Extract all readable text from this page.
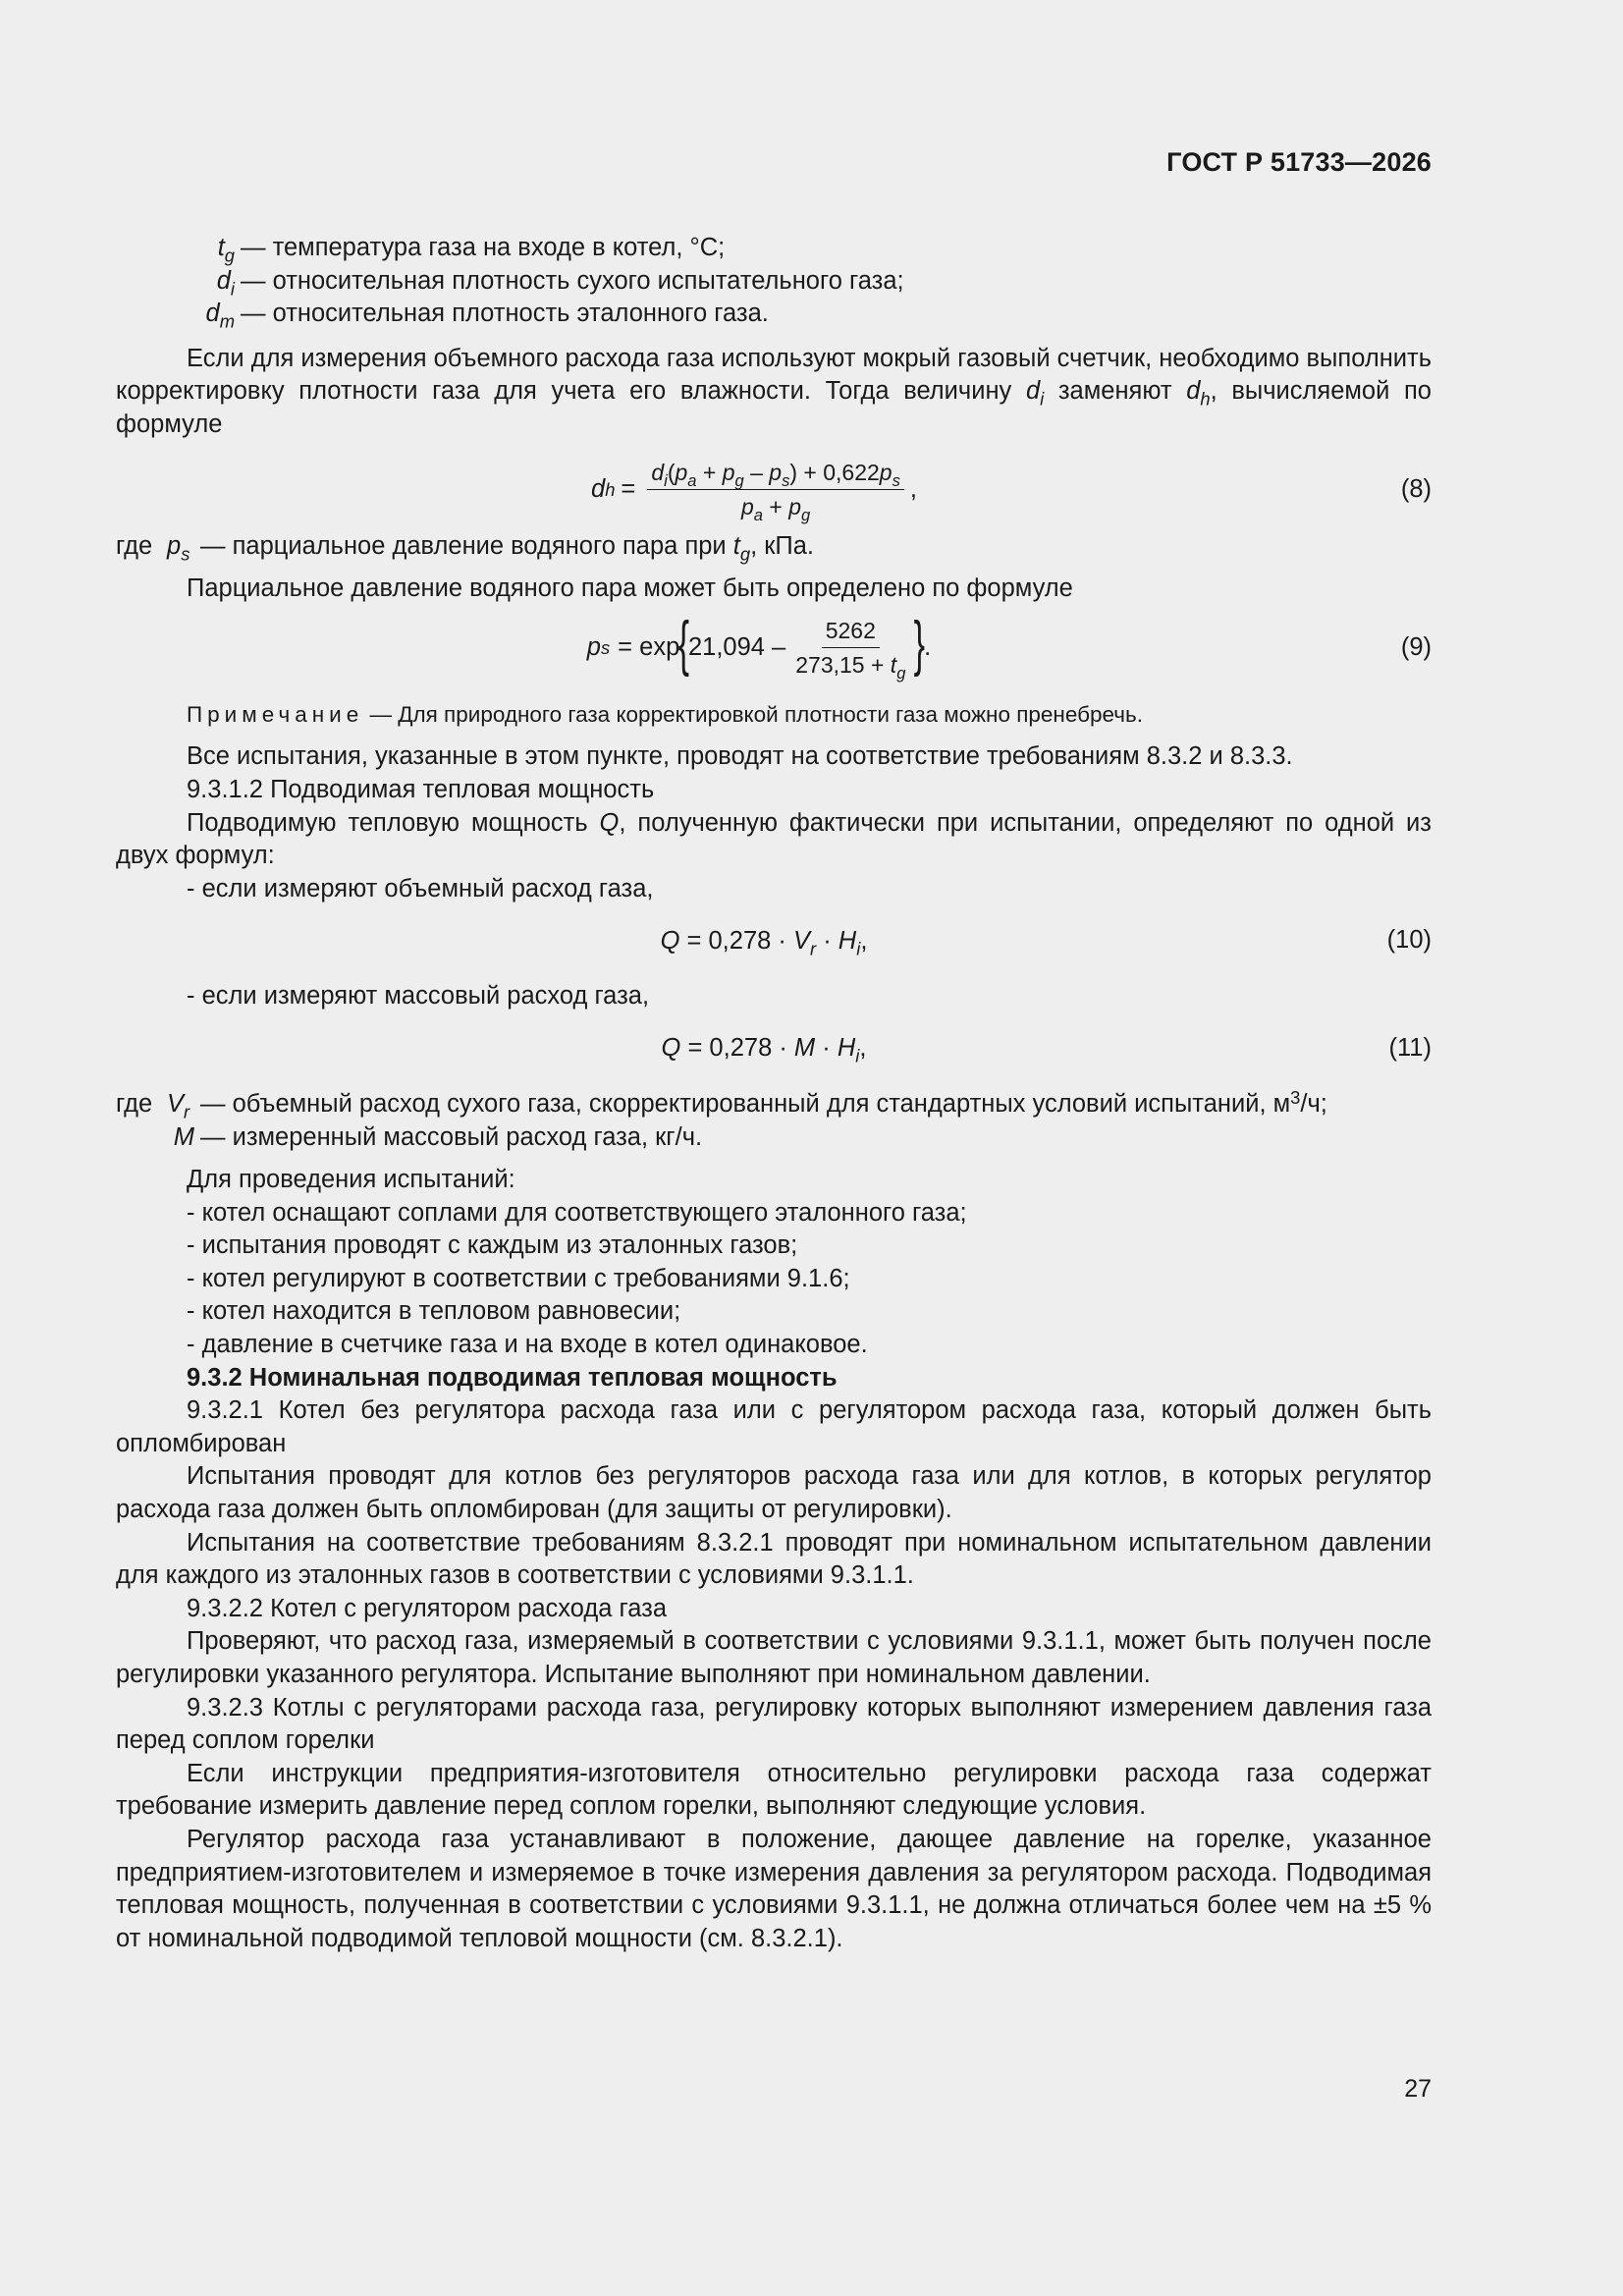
ГОСТ Р 51733—2026
$t_g$ — температура газа на входе в котел, °С;
$d_i$ — относительная плотность сухого испытательного газа;
$d_m$ — относительная плотность эталонного газа.

Если для измерения объемного расхода газа используют мокрый газовый счетчик, необходимо выполнить корректировку плотности газа для учета его влажности. Тогда величину $d_i$ заменяют $d_h$, вычисляемой по формуле

d $h = \frac{d_i(p_a + p_g - p_s) + 0,622p_s}{p_a + p_g}$ ,	(8)
где $p_s$ — парциальное давление водяного пара при $t_g$, кПа.

Парциальное давление водяного пара может быть определено по формуле

p s = exp
{
$21,094 - \frac{5262}{273,15 + t_g}$ }
.	(9)

Примечание — Для природного газа корректировкой плотности газа можно пренебречь.

Все испытания, указанные в этом пункте, проводят на соответствие требованиям 8.3.2 и 8.3.3.

9.3.1.2 Подводимая тепловая мощность

Подводимую тепловую мощность Q, полученную фактически при испытании, определяют по одной из двух формул:

- если измеряют объемный расход газа,

$Q = 0,278 \cdot V_r \cdot H_i$,	(10)

- если измеряют массовый расход газа,

$Q = 0,278 \cdot M \cdot H_i$,	(11)
где $V_r$ — объемный расход сухого газа, скорректированный для стандартных условий испытаний, $м^3/ч$;
M — измеренный массовый расход газа, кг/ч.

Для проведения испытаний:

- котел оснащают соплами для соответствующего эталонного газа;

- испытания проводят с каждым из эталонных газов;

- котел регулируют в соответствии с требованиями 9.1.6;

- котел находится в тепловом равновесии;

- давление в счетчике газа и на входе в котел одинаковое.

9.3.2 Номинальная подводимая тепловая мощность

9.3.2.1 Котел без регулятора расхода газа или с регулятором расхода газа, который должен быть опломбирован

Испытания проводят для котлов без регуляторов расхода газа или для котлов, в которых регулятор расхода газа должен быть опломбирован (для защиты от регулировки).

Испытания на соответствие требованиям 8.3.2.1 проводят при номинальном испытательном давлении для каждого из эталонных газов в соответствии с условиями 9.3.1.1.

9.3.2.2 Котел с регулятором расхода газа

Проверяют, что расход газа, измеряемый в соответствии с условиями 9.3.1.1, может быть получен после регулировки указанного регулятора. Испытание выполняют при номинальном давлении.

9.3.2.3 Котлы с регуляторами расхода газа, регулировку которых выполняют измерением давления газа перед соплом горелки

Если инструкции предприятия-изготовителя относительно регулировки расхода газа содержат требование измерить давление перед соплом горелки, выполняют следующие условия.

Регулятор расхода газа устанавливают в положение, дающее давление на горелке, указанное предприятием-изготовителем и измеряемое в точке измерения давления за регулятором расхода. Подводимая тепловая мощность, полученная в соответствии с условиями 9.3.1.1, не должна отличаться более чем на ±5 % от номинальной подводимой тепловой мощности (см. 8.3.2.1).

27
